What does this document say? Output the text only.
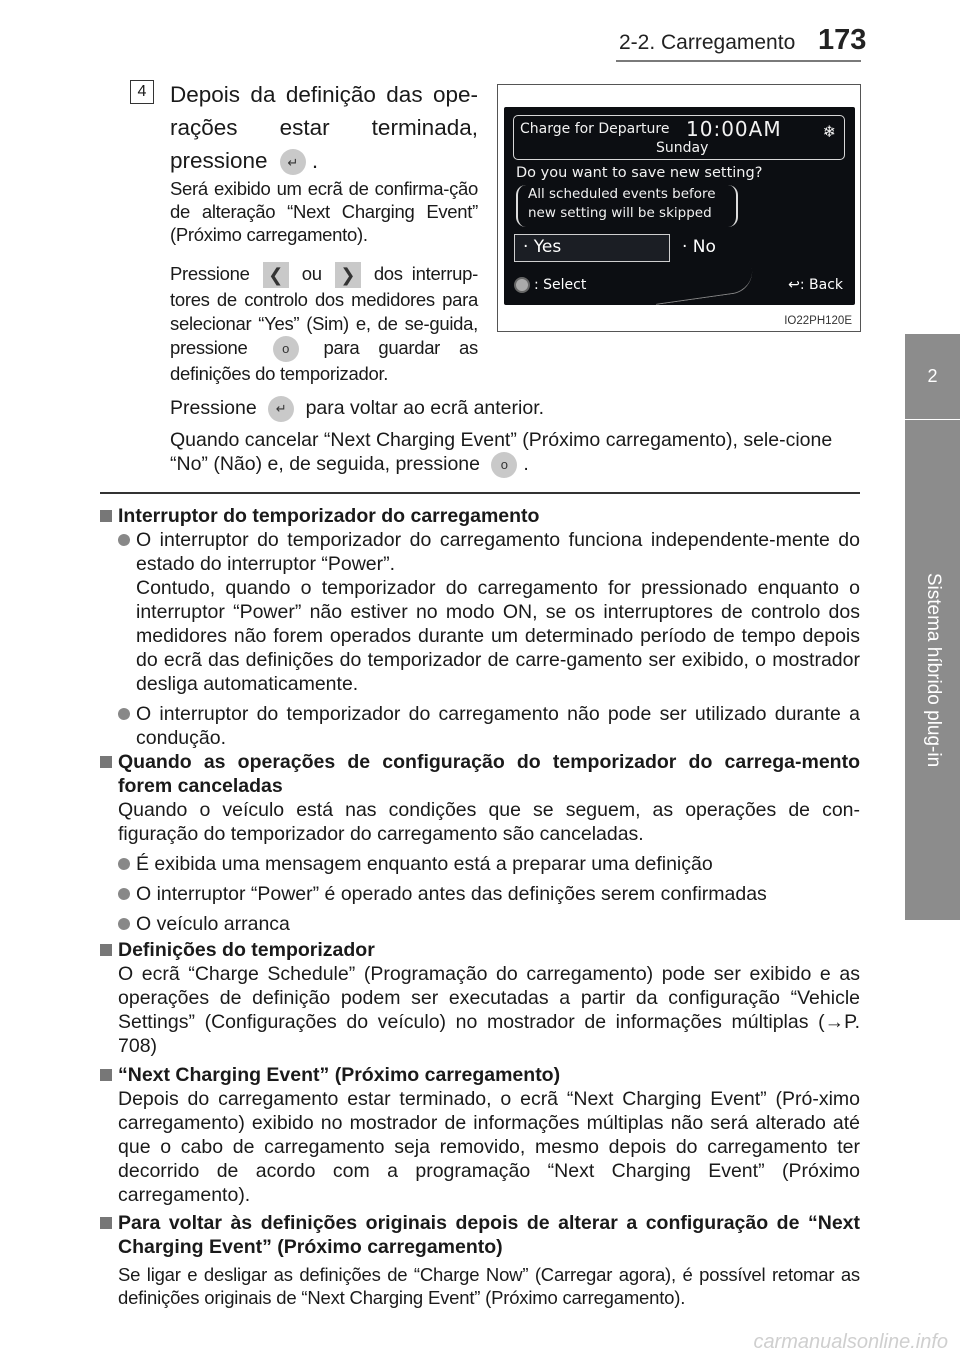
2-2. Carregamento 173
2
Sistema híbrido plug-in
4	Depois da definição das ope-rações estar terminada, pressione ↵ .
Será exibido um ecrã de confirma-ção de alteração “Next Charging Event” (Próximo carregamento).
Pressione ❮ ou ❯ dos interrup-tores de controlo dos medidores para selecionar “Yes” (Sim) e, de se-guida, pressione	o para guardar as definições do temporizador.
Pressione ↵ para voltar ao ecrã anterior.
Quando cancelar “Next Charging Event” (Próximo carregamento), sele-cione “No” (Não) e, de seguida, pressione o .
Charge for Departure 10:00AM
Sunday
❄
Do you want to save new setting?
All scheduled events before
new setting will be skipped
· Yes	· No
: Select	↩: Back
IO22PH120E
Interruptor do temporizador do carregamento
O interruptor do temporizador do carregamento funciona independente-mente do estado do interruptor “Power”.
Contudo, quando o temporizador do carregamento for pressionado enquanto o interruptor “Power” não estiver no modo ON, se os interruptores de controlo dos medidores não forem operados durante um determinado período de tempo depois do ecrã das definições do temporizador de carre-gamento ser exibido, o mostrador desliga automaticamente.
O interruptor do temporizador do carregamento não pode ser utilizado durante a condução.
Quando as operações de configuração do temporizador do carrega-mento forem canceladas
Quando o veículo está nas condições que se seguem, as operações de con-figuração do temporizador do carregamento são canceladas.
É exibida uma mensagem enquanto está a preparar uma definição
O interruptor “Power” é operado antes das definições serem confirmadas
O veículo arranca
Definições do temporizador
O ecrã “Charge Schedule” (Programação do carregamento) pode ser exibido e as operações de definição podem ser executadas a partir da configuração “Vehicle Settings” (Configurações do veículo) no mostrador de informações múltiplas (→P. 708)
“Next Charging Event” (Próximo carregamento)
Depois do carregamento estar terminado, o ecrã “Next Charging Event” (Pró-ximo carregamento) exibido no mostrador de informações múltiplas não será alterado até que o cabo de carregamento seja removido, mesmo depois do carregamento ter decorrido de acordo com a programação “Next Charging Event” (Próximo carregamento).
Para voltar às definições originais depois de alterar a configuração de “Next Charging Event” (Próximo carregamento)
Se ligar e desligar as definições de “Charge Now” (Carregar agora), é possível retomar as definições originais de “Next Charging Event” (Próximo carregamento).
carmanualsonline.info
